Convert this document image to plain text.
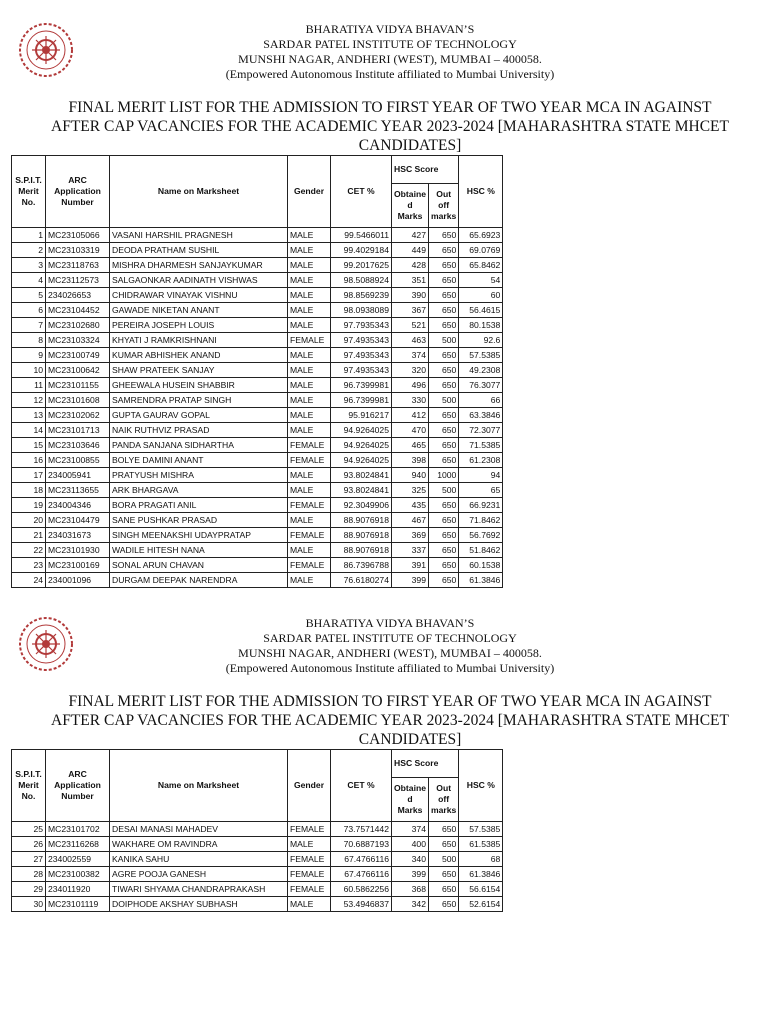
BHARATIYA VIDYA BHAVAN’S
SARDAR PATEL INSTITUTE OF TECHNOLOGY
MUNSHI NAGAR, ANDHERI (WEST), MUMBAI – 400058.
(Empowered Autonomous Institute affiliated to Mumbai University)
FINAL MERIT LIST FOR THE ADMISSION TO FIRST YEAR OF TWO YEAR MCA IN AGAINST
AFTER CAP VACANCIES FOR THE ACADEMIC YEAR 2023-2024 [MAHARASHTRA STATE MHCET
CANDIDATES]
S.P.I.T. Merit No.	ARC Application Number	Name on Marksheet	Gender	CET %	HSC Score		HSC %
					Obtaine d Marks	Out off marks	
1	MC23105066	VASANI HARSHIL PRAGNESH	MALE	99.5466011	427	650	65.6923
2	MC23103319	DEODA PRATHAM SUSHIL	MALE	99.4029184	449	650	69.0769
3	MC23118763	MISHRA DHARMESH SANJAYKUMAR	MALE	99.2017625	428	650	65.8462
4	MC23112573	SALGAONKAR AADINATH VISHWAS	MALE	98.5088924	351	650	54
5	234026653	CHIDRAWAR VINAYAK VISHNU	MALE	98.8569239	390	650	60
6	MC23104452	GAWADE NIKETAN ANANT	MALE	98.0938089	367	650	56.4615
7	MC23102680	PEREIRA JOSEPH LOUIS	MALE	97.7935343	521	650	80.1538
8	MC23103324	KHYATI J RAMKRISHNANI	FEMALE	97.4935343	463	500	92.6
9	MC23100749	KUMAR ABHISHEK ANAND	MALE	97.4935343	374	650	57.5385
10	MC23100642	SHAW PRATEEK SANJAY	MALE	97.4935343	320	650	49.2308
11	MC23101155	GHEEWALA HUSEIN SHABBIR	MALE	96.7399981	496	650	76.3077
12	MC23101608	SAMRENDRA PRATAP SINGH	MALE	96.7399981	330	500	66
13	MC23102062	GUPTA GAURAV GOPAL	MALE	95.916217	412	650	63.3846
14	MC23101713	NAIK RUTHVIZ PRASAD	MALE	94.9264025	470	650	72.3077
15	MC23103646	PANDA SANJANA SIDHARTHA	FEMALE	94.9264025	465	650	71.5385
16	MC23100855	BOLYE DAMINI ANANT	FEMALE	94.9264025	398	650	61.2308
17	234005941	PRATYUSH MISHRA	MALE	93.8024841	940	1000	94
18	MC23113655	ARK BHARGAVA	MALE	93.8024841	325	500	65
19	234004346	BORA PRAGATI ANIL	FEMALE	92.3049906	435	650	66.9231
20	MC23104479	SANE PUSHKAR PRASAD	MALE	88.9076918	467	650	71.8462
21	234031673	SINGH MEENAKSHI UDAYPRATAP	FEMALE	88.9076918	369	650	56.7692
22	MC23101930	WADILE HITESH NANA	MALE	88.9076918	337	650	51.8462
23	MC23100169	SONAL ARUN CHAVAN	FEMALE	86.7396788	391	650	60.1538
24	234001096	DURGAM DEEPAK NARENDRA	MALE	76.6180274	399	650	61.3846
BHARATIYA VIDYA BHAVAN’S
SARDAR PATEL INSTITUTE OF TECHNOLOGY
MUNSHI NAGAR, ANDHERI (WEST), MUMBAI – 400058.
(Empowered Autonomous Institute affiliated to Mumbai University)
FINAL MERIT LIST FOR THE ADMISSION TO FIRST YEAR OF TWO YEAR MCA IN AGAINST
AFTER CAP VACANCIES FOR THE ACADEMIC YEAR 2023-2024 [MAHARASHTRA STATE MHCET
CANDIDATES]
S.P.I.T. Merit No.	ARC Application Number	Name on Marksheet	Gender	CET %	HSC Score		HSC %
					Obtaine d Marks	Out off marks	
25	MC23101702	DESAI MANASI MAHADEV	FEMALE	73.7571442	374	650	57.5385
26	MC23116268	WAKHARE OM RAVINDRA	MALE	70.6887193	400	650	61.5385
27	234002559	KANIKA SAHU	FEMALE	67.4766116	340	500	68
28	MC23100382	AGRE POOJA GANESH	FEMALE	67.4766116	399	650	61.3846
29	234011920	TIWARI SHYAMA CHANDRAPRAKASH	FEMALE	60.5862256	368	650	56.6154
30	MC23101119	DOIPHODE AKSHAY SUBHASH	MALE	53.4946837	342	650	52.6154
